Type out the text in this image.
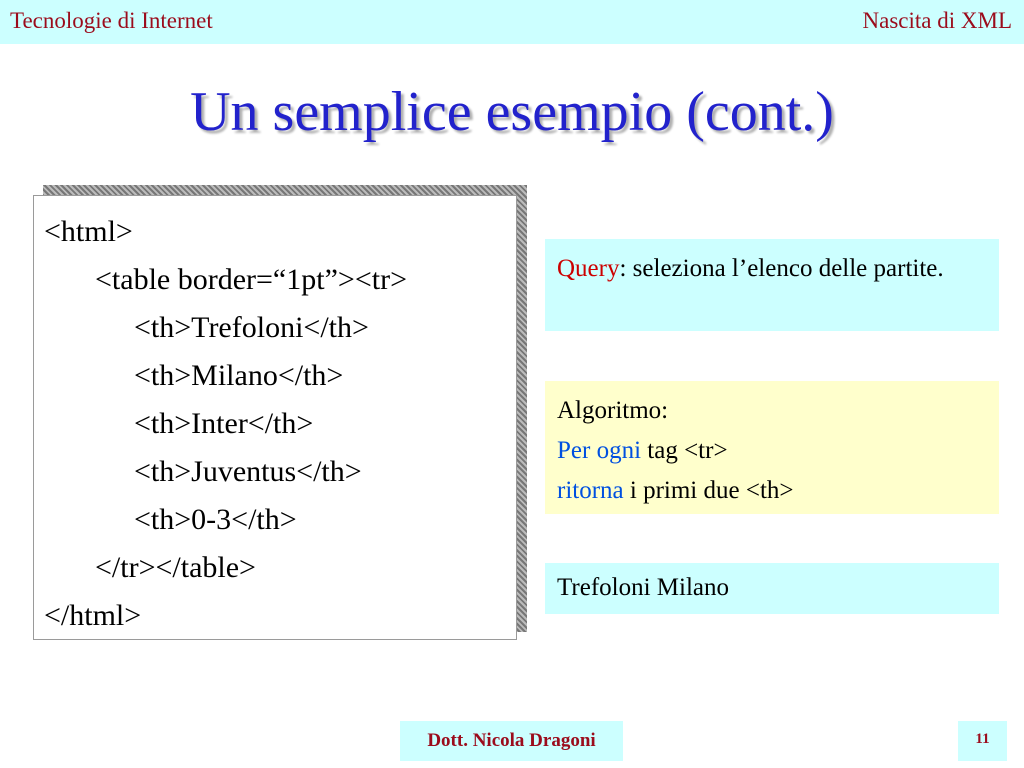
Tecnologie di Internet	Nascita di XML
Un semplice esempio (cont.)
<html>
<table border=“1pt”><tr>
<th>Trefoloni</th>
<th>Milano</th>
<th>Inter</th>
<th>Juventus</th>
<th>0-3</th>
</tr></table>
</html>
Query: seleziona l’elenco delle partite.
Algoritmo:
Per ogni tag <tr>
ritorna i primi due <th>
Trefoloni Milano
Dott. Nicola Dragoni	11
